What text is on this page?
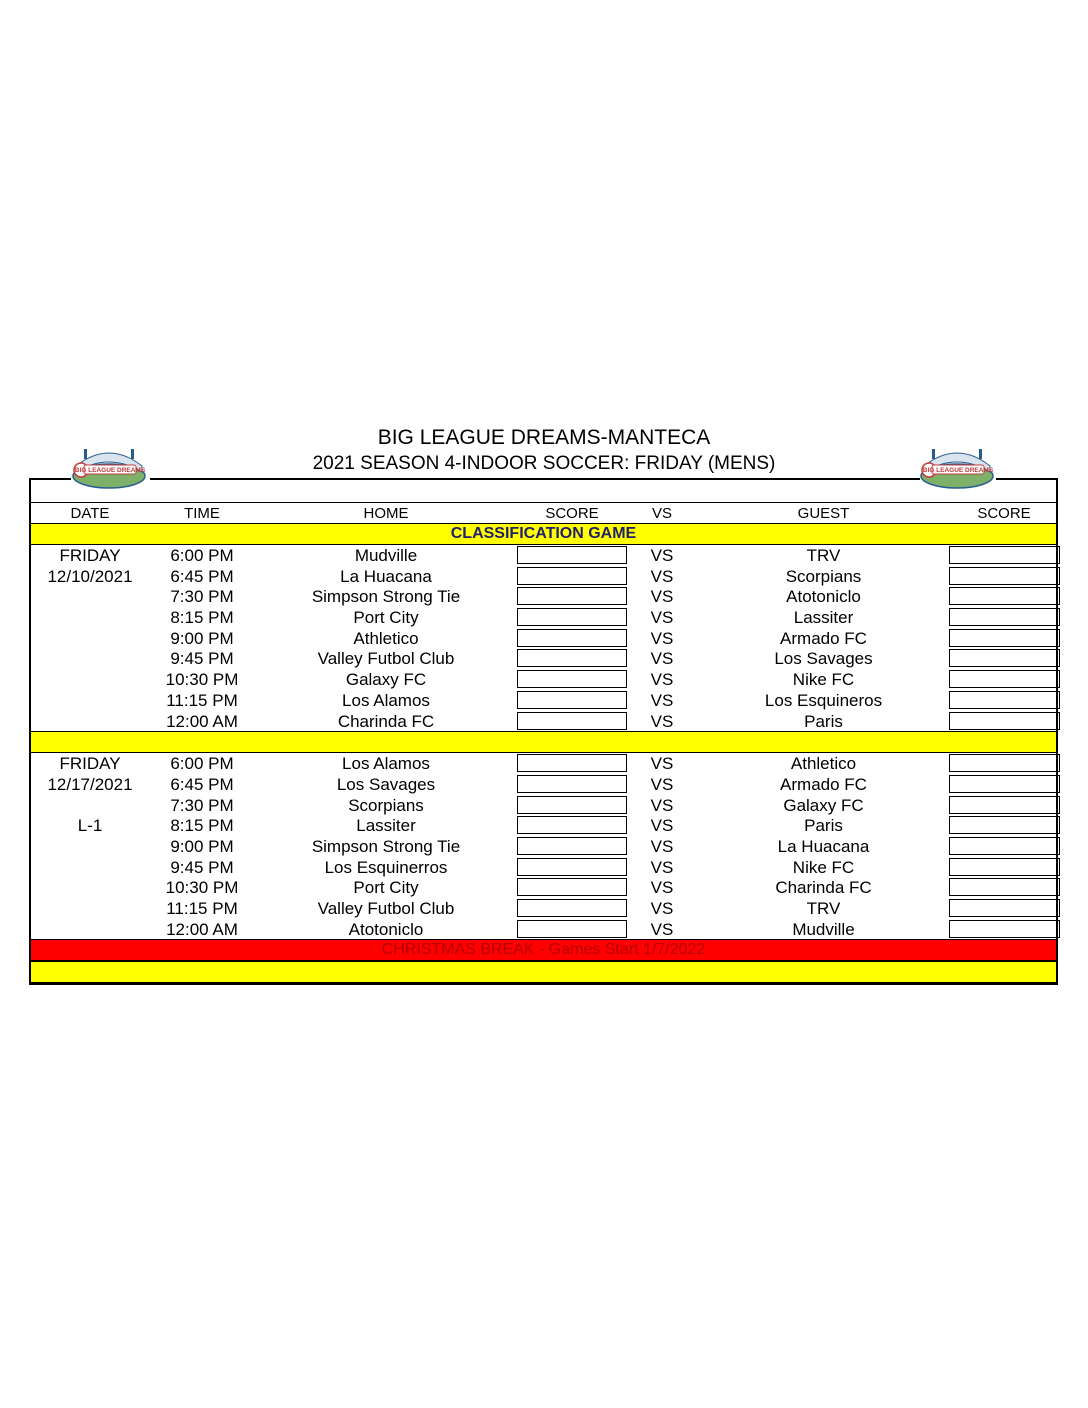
BIG LEAGUE DREAMS-MANTECA
2021 SEASON 4-INDOOR SOCCER: FRIDAY (MENS)
BIG LEAGUE DREAMS	BIG LEAGUE DREAMS
DATE	TIME	HOME	SCORE	VS	GUEST	SCORE
CLASSIFICATION GAME
FRIDAY	6:00 PM	Mudville	VS	TRV
12/10/2021	6:45 PM	La Huacana	VS	Scorpians
7:30 PM	Simpson Strong Tie	VS	Atotoniclo
8:15 PM	Port City	VS	Lassiter
9:00 PM	Athletico	VS	Armado FC
9:45 PM	Valley Futbol Club	VS	Los Savages
10:30 PM	Galaxy FC	VS	Nike FC
11:15 PM	Los Alamos	VS	Los Esquineros
12:00 AM	Charinda FC	VS	Paris
FRIDAY	6:00 PM	Los Alamos	VS	Athletico
12/17/2021	6:45 PM	Los Savages	VS	Armado FC
7:30 PM	Scorpians	VS	Galaxy FC
L-1	8:15 PM	Lassiter	VS	Paris
9:00 PM	Simpson Strong Tie	VS	La Huacana
9:45 PM	Los Esquinerros	VS	Nike FC
10:30 PM	Port City	VS	Charinda FC
11:15 PM	Valley Futbol Club	VS	TRV
12:00 AM	Atotoniclo	VS	Mudville
CHRISTMAS BREAK - Games Start 1/7/2022
